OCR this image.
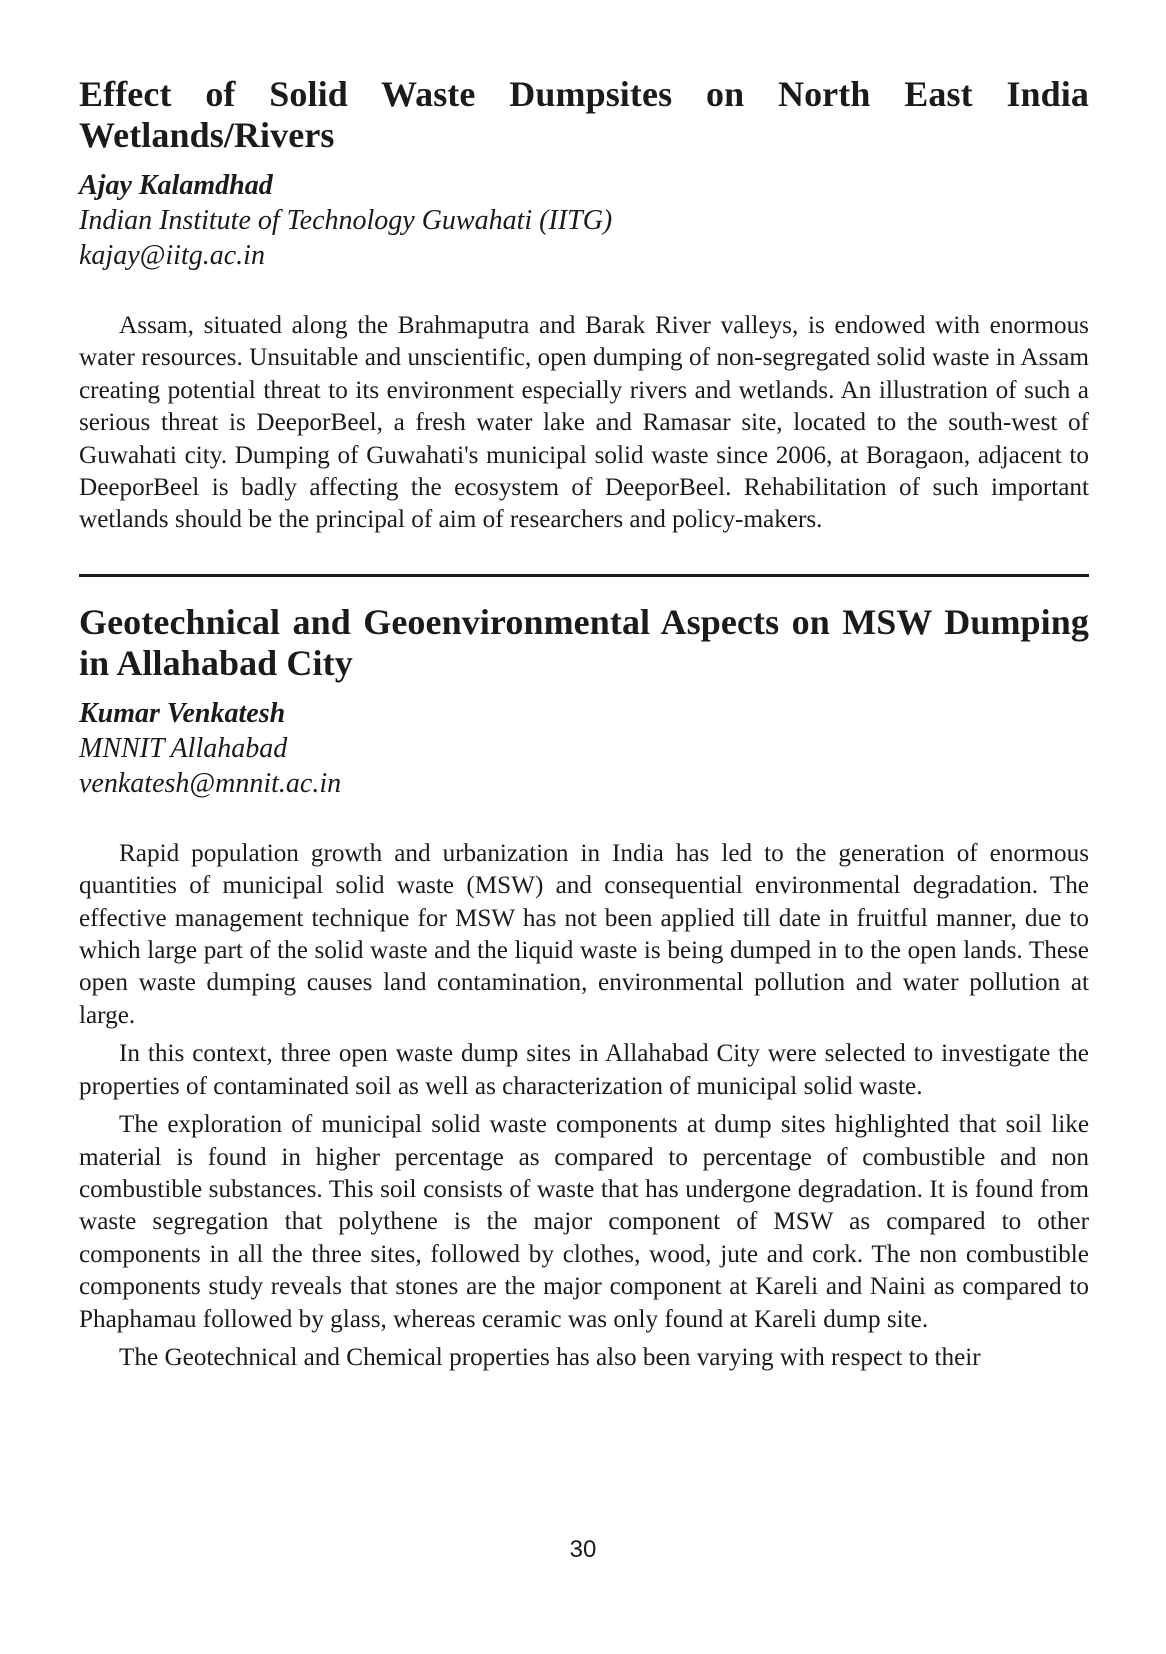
Effect of Solid Waste Dumpsites on North East India Wetlands/Rivers
Ajay Kalamdhad
Indian Institute of Technology Guwahati (IITG)
kajay@iitg.ac.in

Assam, situated along the Brahmaputra and Barak River valleys, is endowed with enormous water resources. Unsuitable and unscientific, open dumping of non-segregated solid waste in Assam creating potential threat to its environment especially rivers and wetlands. An illustration of such a serious threat is DeeporBeel, a fresh water lake and Ramasar site, located to the south-west of Guwahati city. Dumping of Guwahati's municipal solid waste since 2006, at Boragaon, adjacent to DeeporBeel is badly affecting the ecosystem of DeeporBeel. Rehabilitation of such important wetlands should be the principal of aim of researchers and policy-makers.

Geotechnical and Geoenvironmental Aspects on MSW Dumping in Allahabad City
Kumar Venkatesh
MNNIT Allahabad
venkatesh@mnnit.ac.in

Rapid population growth and urbanization in India has led to the generation of enormous quantities of municipal solid waste (MSW) and consequential environmental degradation. The effective management technique for MSW has not been applied till date in fruitful manner, due to which large part of the solid waste and the liquid waste is being dumped in to the open lands. These open waste dumping causes land contamination, environmental pollution and water pollution at large.

In this context, three open waste dump sites in Allahabad City were selected to investigate the properties of contaminated soil as well as characterization of municipal solid waste.

The exploration of municipal solid waste components at dump sites highlighted that soil like material is found in higher percentage as compared to percentage of combustible and non combustible substances. This soil consists of waste that has undergone degradation. It is found from waste segregation that polythene is the major component of MSW as compared to other components in all the three sites, followed by clothes, wood, jute and cork. The non combustible components study reveals that stones are the major component at Kareli and Naini as compared to Phaphamau followed by glass, whereas ceramic was only found at Kareli dump site.

The Geotechnical and Chemical properties has also been varying with respect to their

30
